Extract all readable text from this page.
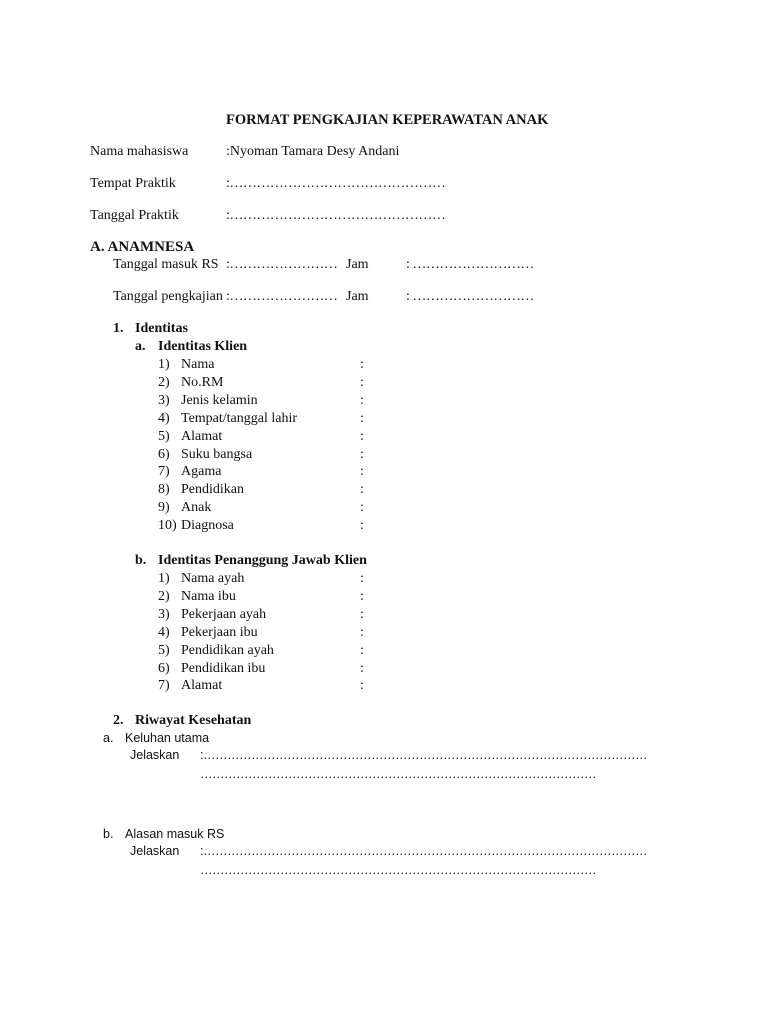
FORMAT PENGKAJIAN KEPERAWATAN ANAK
Nama mahasiswa	:Nyoman Tamara Desy Andani
Tempat Praktik	:…………………………………………
Tanggal Praktik	:…………………………………………
A. ANAMNESA
Tanggal masuk RS :…………………… Jam	: ………………………
Tanggal pengkajian :…………………… Jam	: ………………………
1. Identitas
a. Identitas Klien
1) Nama	:
2) No.RM	:
3) Jenis kelamin	:
4) Tempat/tanggal lahir	:
5) Alamat	:
6) Suku bangsa	:
7) Agama	:
8) Pendidikan	:
9) Anak	:
10) Diagnosa	:
b. Identitas Penanggung Jawab Klien
1) Nama ayah	:
2) Nama ibu	:
3) Pekerjaan ayah	:
4) Pekerjaan ibu	:
5) Pendidikan ayah	:
6) Pendidikan ibu	:
7) Alamat	:
2. Riwayat Kesehatan
a. Keluhan utama
Jelaskan :…………………………………………………………………………………………………
………………………………………………………………………………………
b. Alasan masuk RS
Jelaskan :…………………………………………………………………………………………………
………………………………………………………………………………………
